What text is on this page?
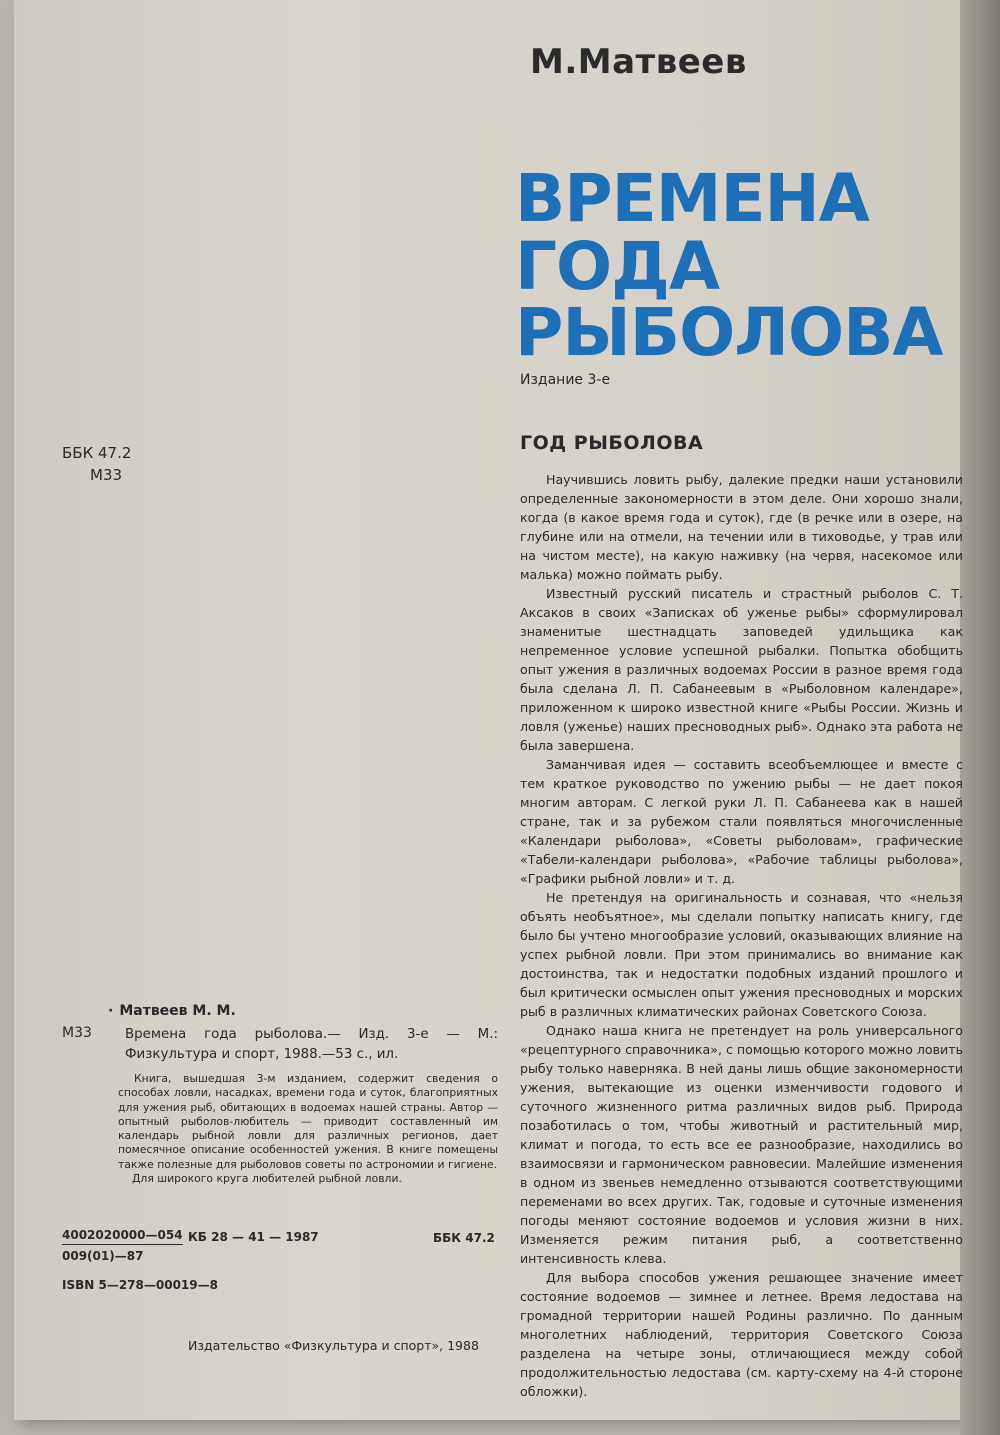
М.Матвеев
ВРЕМЕНА
ГОДА
РЫБОЛОВА
Издание 3-е
ББК 47.2
М33
ГОД РЫБОЛОВА

Научившись ловить рыбу, далекие предки наши установили определенные закономерности в этом деле. Они хорошо знали, когда (в какое время года и суток), где (в речке или в озере, на глубине или на отмели, на течении или в тиховодье, у трав или на чистом месте), на какую наживку (на червя, насекомое или малька) можно поймать рыбу.

Известный русский писатель и страстный рыболов С. Т. Аксаков в своих «Записках об уженье рыбы» сформулировал знаменитые шестнадцать заповедей удильщика как непременное условие успешной рыбалки. Попытка обобщить опыт ужения в различных водоемах России в разное время года была сделана Л. П. Сабанеевым в «Рыболовном календаре», приложенном к широко известной книге «Рыбы России. Жизнь и ловля (уженье) наших пресноводных рыб». Однако эта работа не была завершена.

Заманчивая идея — составить всеобъемлющее и вместе с тем краткое руководство по ужению рыбы — не дает покоя многим авторам. С легкой руки Л. П. Сабанеева как в нашей стране, так и за рубежом стали появляться многочисленные «Календари рыболова», «Советы рыболовам», графические «Табели-календари рыболова», «Рабочие таблицы рыболова», «Графики рыбной ловли» и т. д.

Не претендуя на оригинальность и сознавая, что «нельзя объять необъятное», мы сделали попытку написать книгу, где было бы учтено многообразие условий, оказывающих влияние на успех рыбной ловли. При этом принимались во внимание как достоинства, так и недостатки подобных изданий прошлого и был критически осмыслен опыт ужения пресноводных и морских рыб в различных климатических районах Советского Союза.

Однако наша книга не претендует на роль универсального «рецептурного справочника», с помощью которого можно ловить рыбу только наверняка. В ней даны лишь общие закономерности ужения, вытекающие из оценки изменчивости годового и суточного жизненного ритма различных видов рыб. Природа позаботилась о том, чтобы животный и растительный мир, климат и погода, то есть все ее разнообразие, находились во взаимосвязи и гармоническом равновесии. Малейшие изменения в одном из звеньев немедленно отзываются соответствующими переменами во всех других. Так, годовые и суточные изменения погоды меняют состояние водоемов и условия жизни в них. Изменяется режим питания рыб, а соответственно интенсивность клева.

Для выбора способов ужения решающее значение имеет состояние водоемов — зимнее и летнее. Время ледостава на громадной территории нашей Родины различно. По данным многолетних наблюдений, территория Советского Союза разделена на четыре зоны, отличающиеся между собой продолжительностью ледостава (см. карту-схему на 4-й стороне обложки).

· Матвеев М. М.
М33 Времена года рыболова.— Изд. 3-е — М.: Физкультура и спорт, 1988.—53 с., ил.

Книга, вышедшая 3-м изданием, содержит сведения о способах ловли, насадках, времени года и суток, благоприятных для ужения рыб, обитающих в водоемах нашей страны. Автор — опытный рыболов-любитель — приводит составленный им календарь рыбной ловли для различных регионов, дает помесячное описание особенностей ужения. В книге помещены также полезные для рыболовов советы по астрономии и гигиене.

Для широкого круга любителей рыбной ловли.

4002020000—054
009(01)—87
КБ 28 — 41 — 1987	ББК 47.2
ISBN 5—278—00019—8
Издательство «Физкультура и спорт», 1988
